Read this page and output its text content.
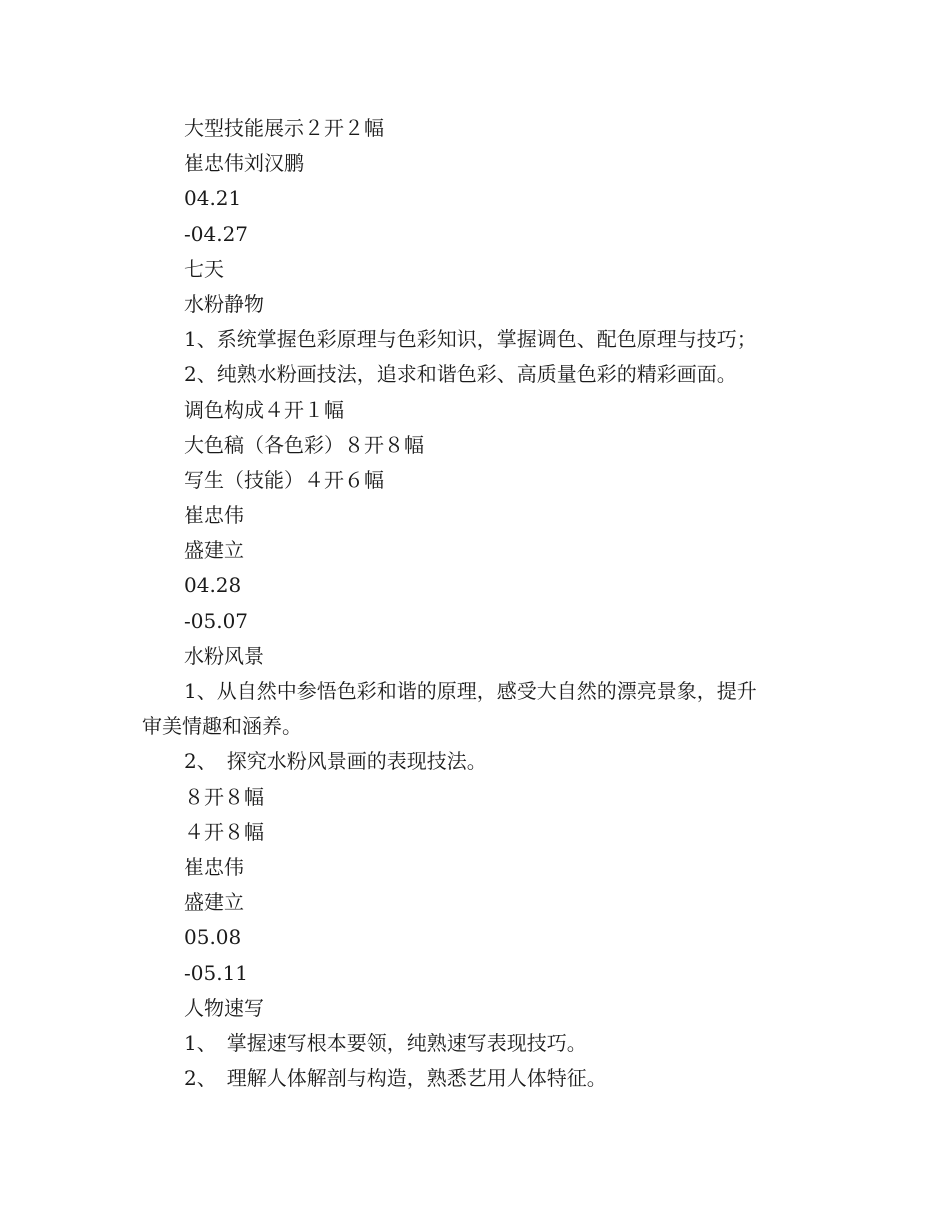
大型技能展示２开２幅
崔忠伟刘汉鹏
04.21
-04.27
七天
水粉静物
1、系统掌握色彩原理与色彩知识，掌握调色、配色原理与技巧；
2、纯熟水粉画技法，追求和谐色彩、高质量色彩的精彩画面。
调色构成４开１幅
大色稿（各色彩）８开８幅
写生（技能）４开６幅
崔忠伟
盛建立
04.28
-05.07
水粉风景
1、从自然中参悟色彩和谐的原理，感受大自然的漂亮景象，提升
审美情趣和涵养。
2、　探究水粉风景画的表现技法。
８开８幅
４开８幅
崔忠伟
盛建立
05.08
-05.11
人物速写
1、　掌握速写根本要领，纯熟速写表现技巧。
2、　理解人体解剖与构造，熟悉艺用人体特征。
